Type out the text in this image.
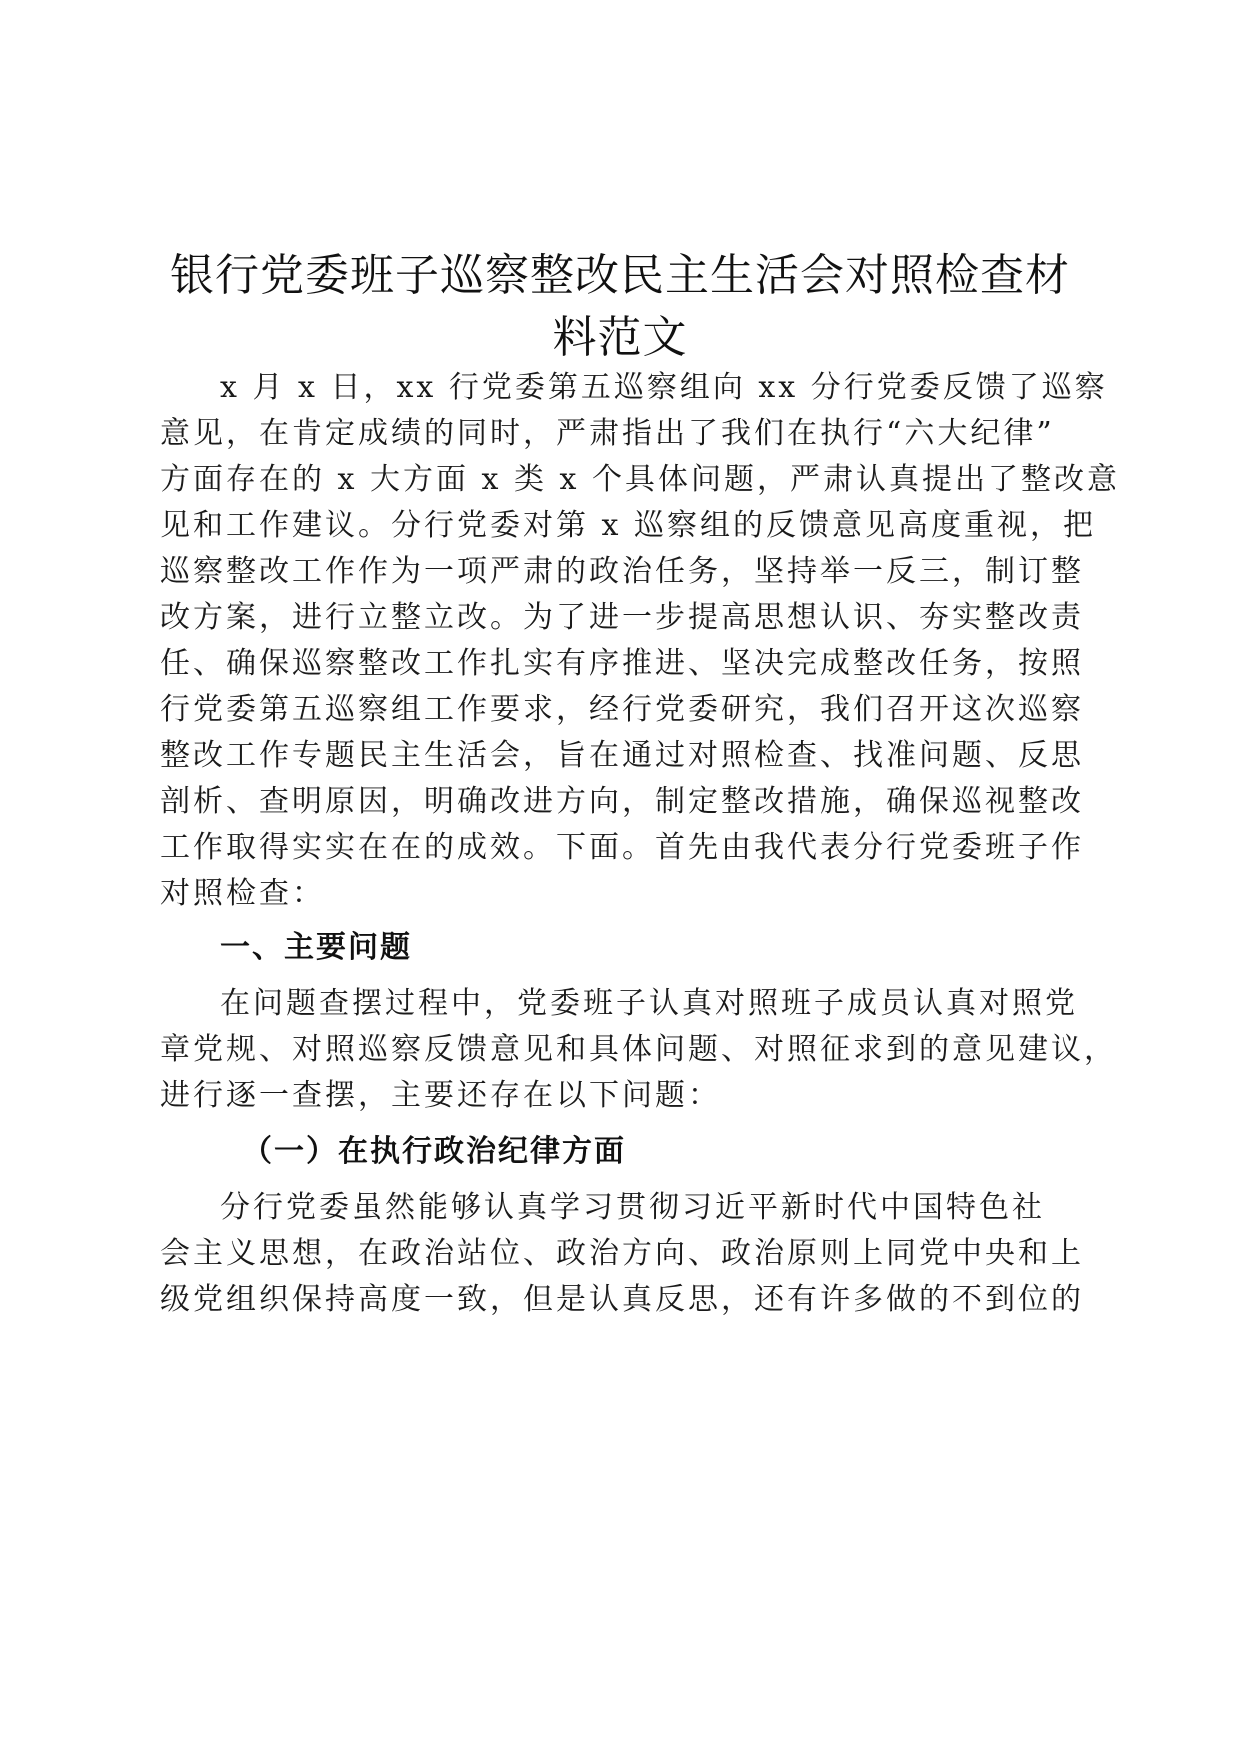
银行党委班子巡察整改民主生活会对照检查材
料范文
x 月 x 日，xx 行党委第五巡察组向 xx 分行党委反馈了巡察
意见，在肯定成绩的同时，严肃指出了我们在执行“六大纪律”
方面存在的 x 大方面 x 类 x 个具体问题，严肃认真提出了整改意
见和工作建议。分行党委对第 x 巡察组的反馈意见高度重视，把
巡察整改工作作为一项严肃的政治任务，坚持举一反三，制订整
改方案，进行立整立改。为了进一步提高思想认识、夯实整改责
任、确保巡察整改工作扎实有序推进、坚决完成整改任务，按照
行党委第五巡察组工作要求，经行党委研究，我们召开这次巡察
整改工作专题民主生活会，旨在通过对照检查、找准问题、反思
剖析、查明原因，明确改进方向，制定整改措施，确保巡视整改
工作取得实实在在的成效。下面。首先由我代表分行党委班子作
对照检查：
一、主要问题
在问题查摆过程中，党委班子认真对照班子成员认真对照党
章党规、对照巡察反馈意见和具体问题、对照征求到的意见建议，
进行逐一查摆，主要还存在以下问题：
（一）在执行政治纪律方面
分行党委虽然能够认真学习贯彻习近平新时代中国特色社
会主义思想，在政治站位、政治方向、政治原则上同党中央和上
级党组织保持高度一致，但是认真反思，还有许多做的不到位的
